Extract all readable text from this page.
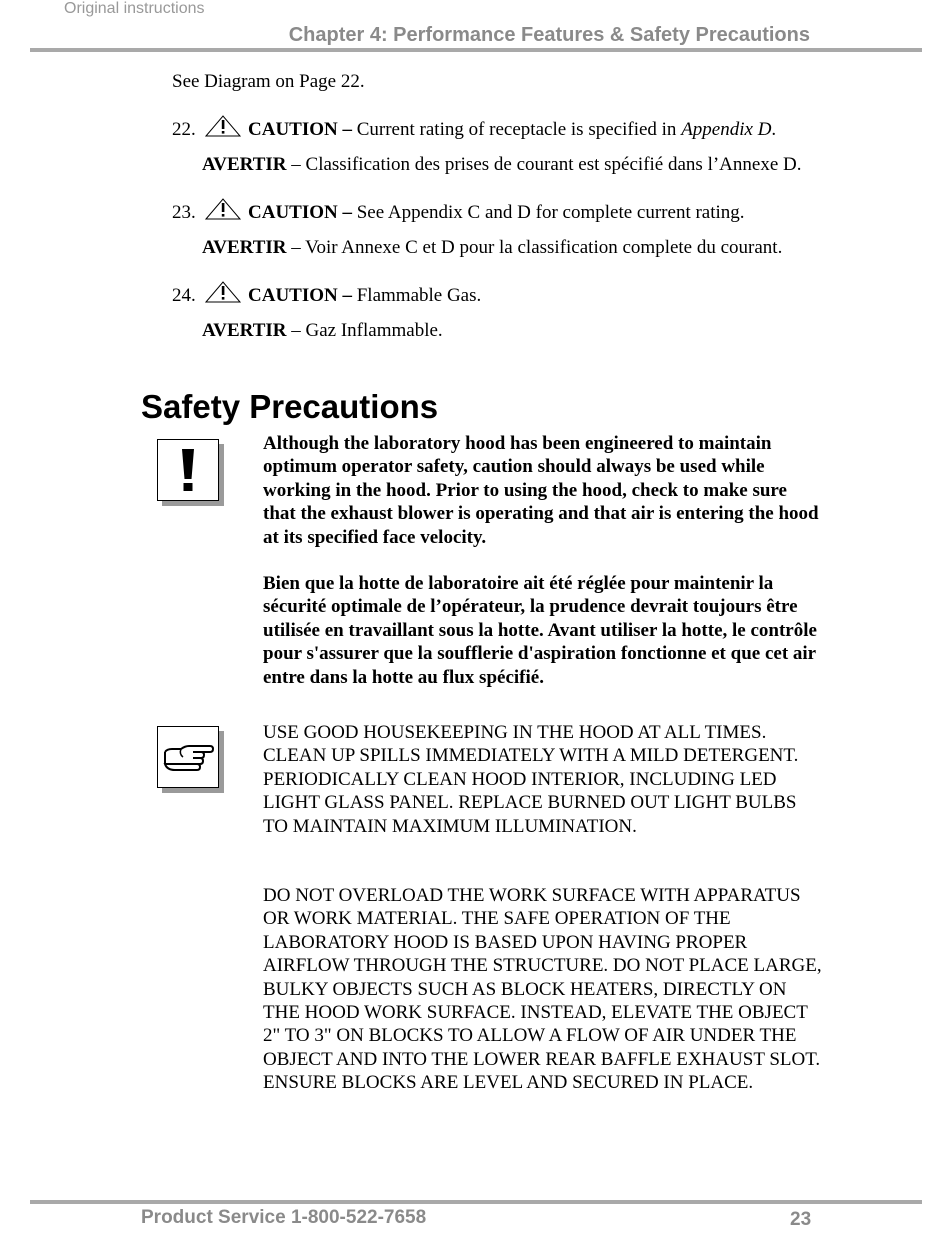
Original instructions
Chapter 4: Performance Features & Safety Precautions
See Diagram on Page 22.
22.	CAUTION – Current rating of receptacle is specified in Appendix D.
AVERTIR – Classification des prises de courant est spécifié dans l’Annexe D.
23.	CAUTION – See Appendix C and D for complete current rating.
AVERTIR – Voir Annexe C et D pour la classification complete du courant.
24.	CAUTION – Flammable Gas.
AVERTIR – Gaz Inflammable.
Safety Precautions
Although the laboratory hood has been engineered to maintain optimum operator safety, caution should always be used while working in the hood. Prior to using the hood, check to make sure that the exhaust blower is operating and that air is entering the hood at its specified face velocity.
Bien que la hotte de laboratoire ait été réglée pour maintenir la sécurité optimale de l’opérateur, la prudence devrait toujours être utilisée en travaillant sous la hotte. Avant utiliser la hotte, le contrôle pour s'assurer que la soufflerie d'aspiration fonctionne et que cet air entre dans la hotte au flux spécifié.
USE GOOD HOUSEKEEPING IN THE HOOD AT ALL TIMES. CLEAN UP SPILLS IMMEDIATELY WITH A MILD DETERGENT. PERIODICALLY CLEAN HOOD INTERIOR, INCLUDING LED LIGHT GLASS PANEL. REPLACE BURNED OUT LIGHT BULBS TO MAINTAIN MAXIMUM ILLUMINATION.
DO NOT OVERLOAD THE WORK SURFACE WITH APPARATUS OR WORK MATERIAL. THE SAFE OPERATION OF THE LABORATORY HOOD IS BASED UPON HAVING PROPER AIRFLOW THROUGH THE STRUCTURE. DO NOT PLACE LARGE, BULKY OBJECTS SUCH AS BLOCK HEATERS, DIRECTLY ON THE HOOD WORK SURFACE. INSTEAD, ELEVATE THE OBJECT 2" TO 3" ON BLOCKS TO ALLOW A FLOW OF AIR UNDER THE OBJECT AND INTO THE LOWER REAR BAFFLE EXHAUST SLOT. ENSURE BLOCKS ARE LEVEL AND SECURED IN PLACE.
Product Service 1-800-522-7658	23
